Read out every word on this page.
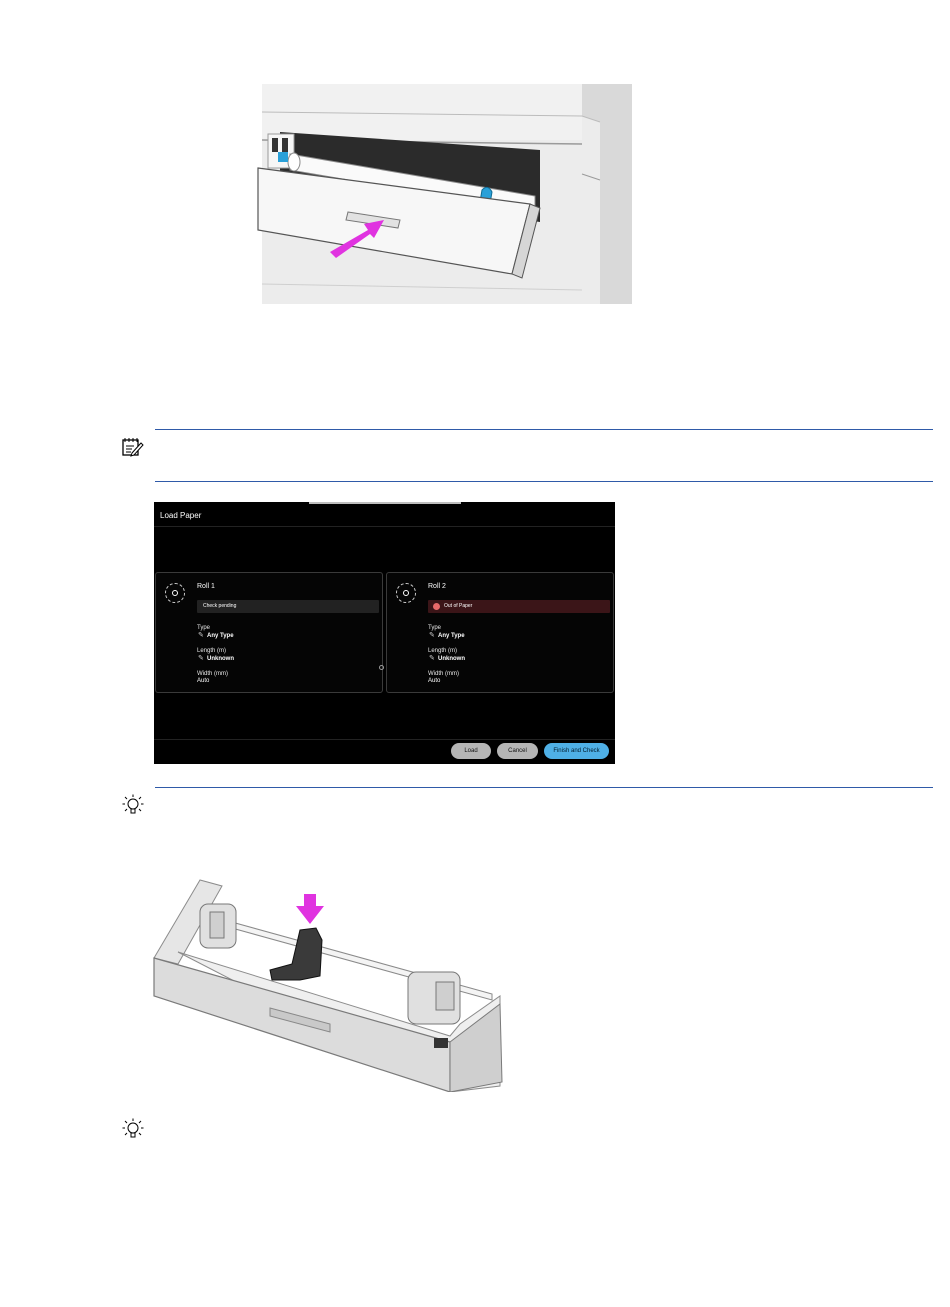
Load Paper
Roll 1
Check pending
Type
✎ Any Type
Length (m)
✎ Unknown
Width (mm)
Auto
Roll 2
Out of Paper
Type
✎ Any Type
Length (m)
✎ Unknown
Width (mm)
Auto
Load	Cancel	Finish and Check
